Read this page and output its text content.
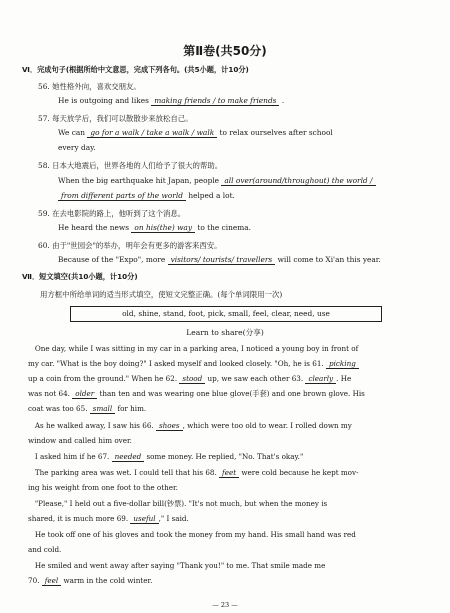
第Ⅱ卷(共50分)
Ⅵ．完成句子(根据所给中文意思，完成下列各句。(共5小题，计10分)
56. 她性格外向，喜欢交朋友。
He is outgoing and likes making friends / to make friends .
57. 每天放学后，我们可以散散步来放松自己。
We can go for a walk / take a walk / walk to relax ourselves after school
every day.
58. 日本大地震后，世界各地的人们给予了很大的帮助。
When the big earthquake hit Japan, people all over(around/throughout) the world /
from different parts of the world helped a lot.
59. 在去电影院的路上，他听到了这个消息。
He heard the news on his(the) way to the cinema.
60. 由于"世园会"的举办，明年会有更多的游客来西安。
Because of the "Expo", more visitors/ tourists/ travellers will come to Xi'an this year.
Ⅶ．短文填空(共10小题，计10分)
用方框中所给单词的适当形式填空，使短文完整正确。(每个单词限用一次)
old, shine, stand, foot, pick, small, feel, clear, need, use
Learn to share(分享)
One day, while I was sitting in my car in a parking area, I noticed a young boy in front of
my car. "What is the boy doing?" I asked myself and looked closely. "Oh, he is 61. picking
up a coin from the ground." When he 62. stood up, we saw each other 63. clearly . He
was not 64. older than ten and was wearing one blue glove(手套) and one brown glove. His
coat was too 65. small for him.
As he walked away, I saw his 66. shoes , which were too old to wear. I rolled down my
window and called him over.
I asked him if he 67. needed some money. He replied, "No. That's okay."
The parking area was wet. I could tell that his 68. feet were cold because he kept mov-
ing his weight from one foot to the other.
"Please," I held out a five-dollar bill(钞票). "It's not much, but when the money is
shared, it is much more 69. useful ," I said.
He took off one of his gloves and took the money from my hand. His small hand was red
and cold.
He smiled and went away after saying "Thank you!" to me. That smile made me
70. feel warm in the cold winter.
— 23 —
